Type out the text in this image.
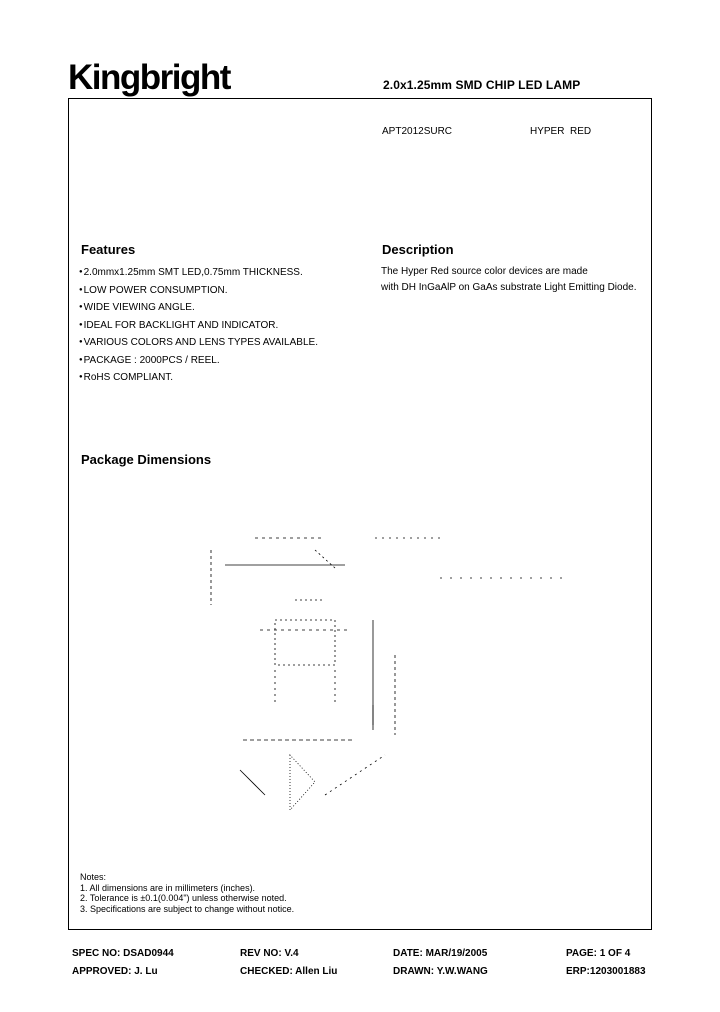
Kingbright	2.0x1.25mm SMD CHIP LED LAMP
APT2012SURC	HYPER  RED
Features
● 2.0mmx1.25mm SMT LED,0.75mm THICKNESS.
● LOW POWER CONSUMPTION.
● WIDE VIEWING ANGLE.
● IDEAL FOR BACKLIGHT AND INDICATOR.
● VARIOUS COLORS AND LENS TYPES AVAILABLE.
● PACKAGE : 2000PCS / REEL.
● RoHS COMPLIANT.
Description
The Hyper Red source color devices are made
with DH InGaAlP on GaAs substrate Light Emitting Diode.
Package Dimensions
Notes:
1. All dimensions are in millimeters (inches).
2. Tolerance is ±0.1(0.004") unless otherwise noted.
3. Specifications are subject to change without notice.
SPEC NO: DSAD0944	REV NO: V.4	DATE: MAR/19/2005	PAGE: 1 OF 4
APPROVED: J. Lu	CHECKED: Allen Liu	DRAWN: Y.W.WANG	ERP:1203001883
